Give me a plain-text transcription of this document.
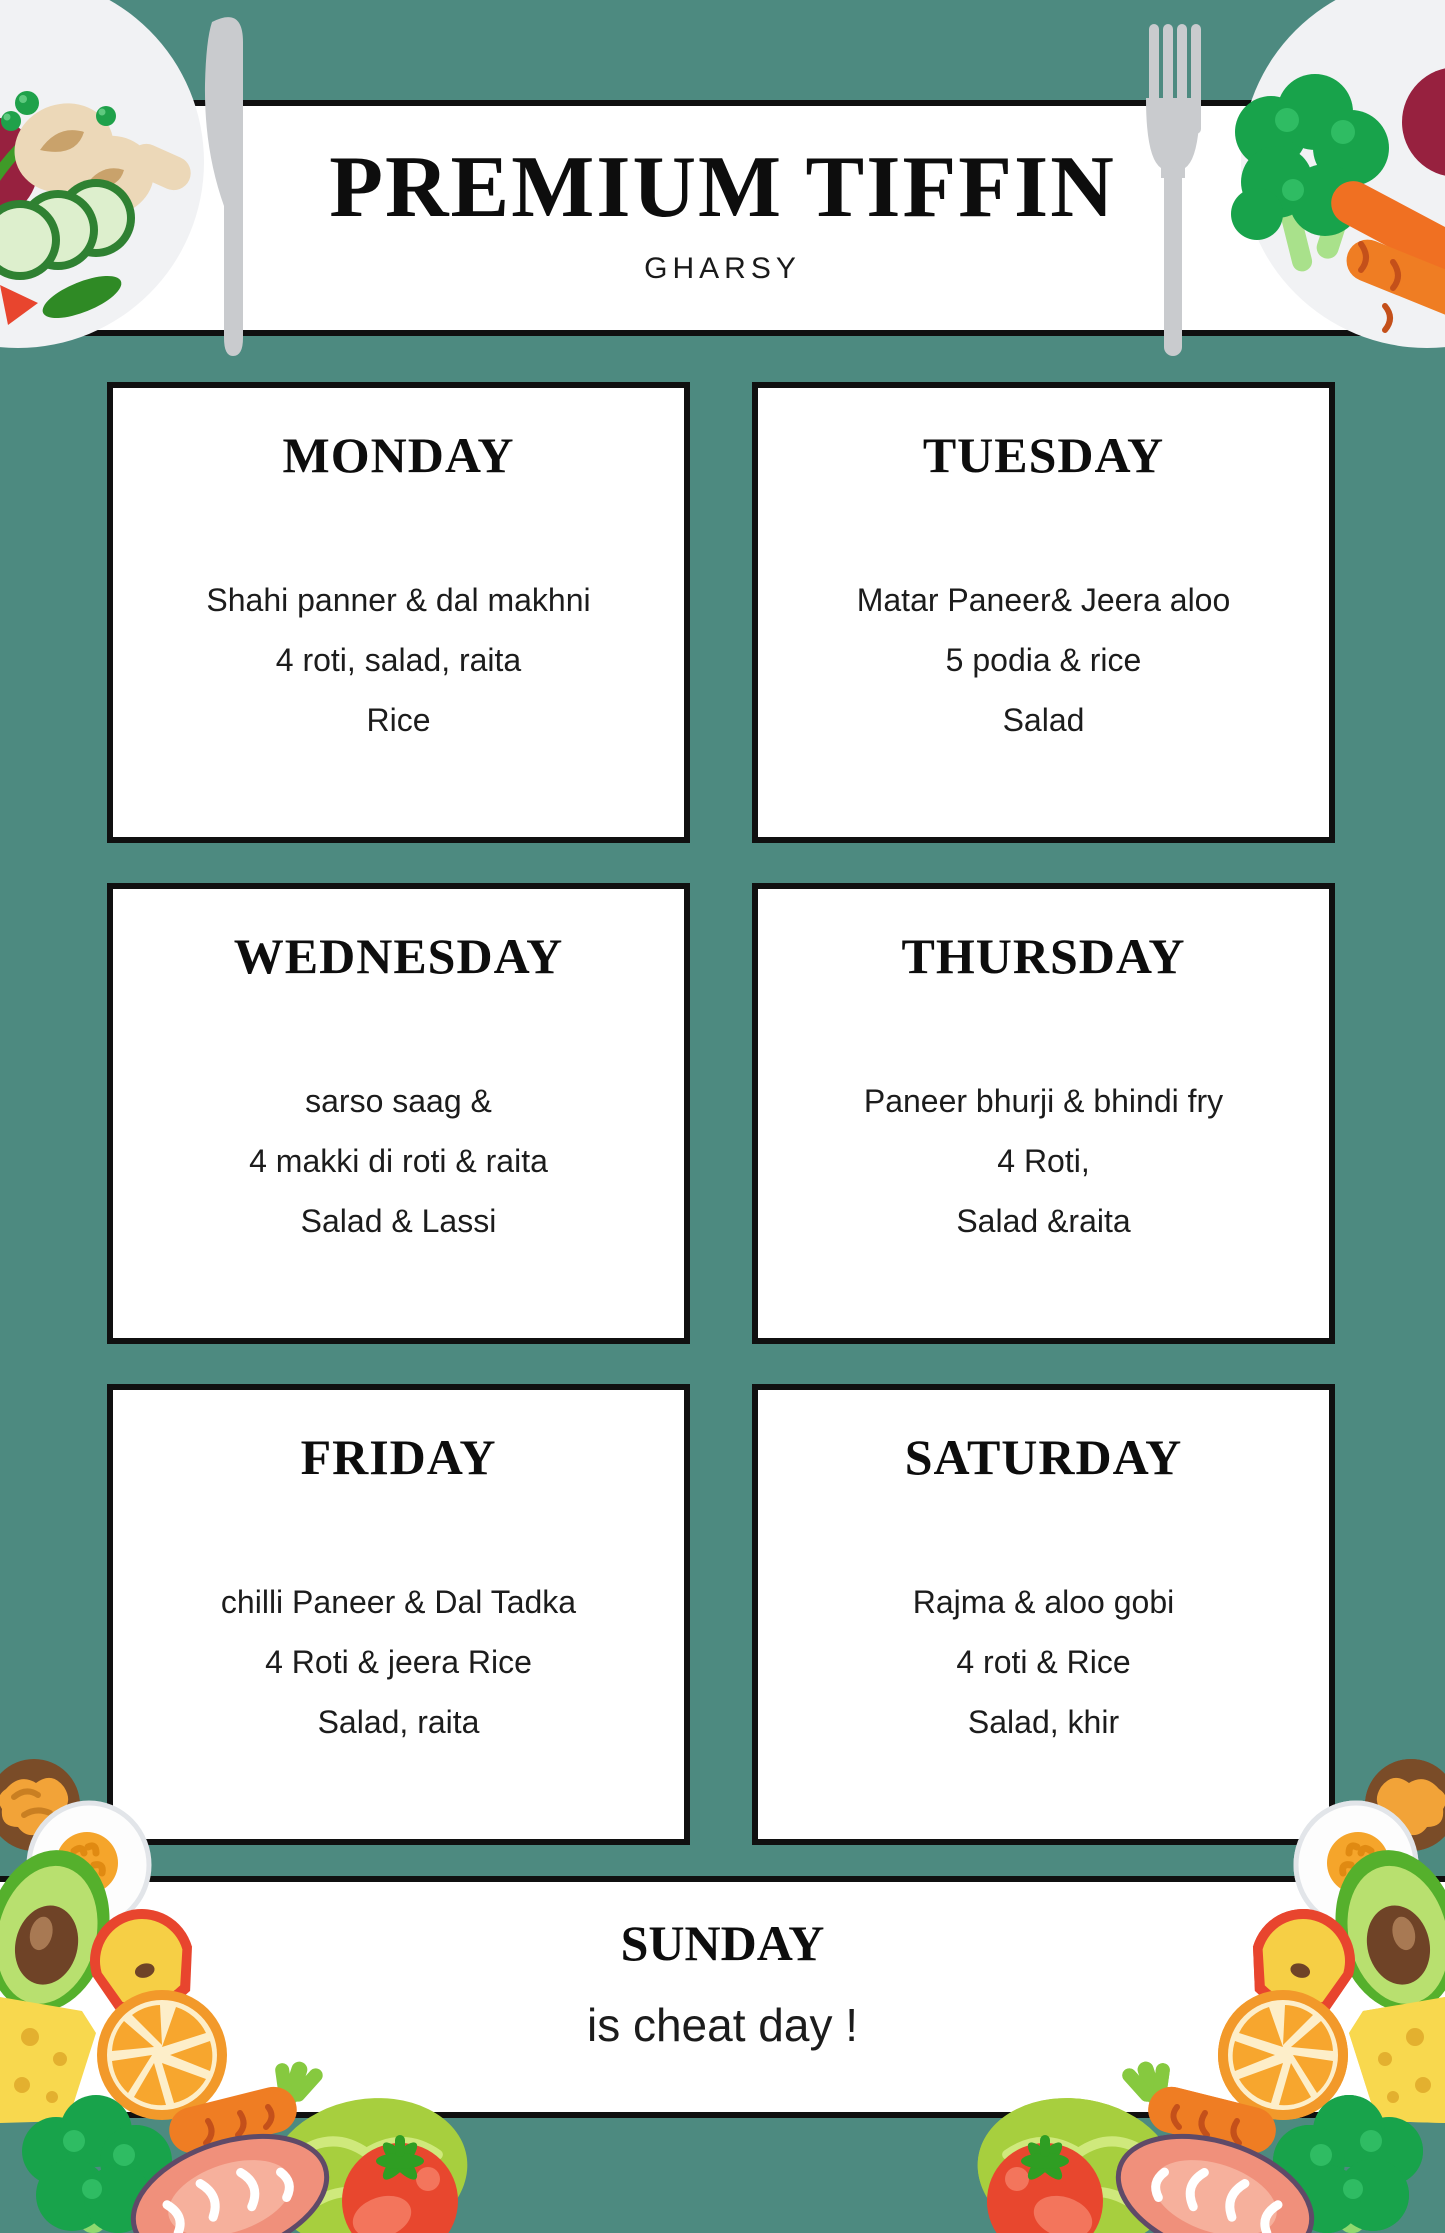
PREMIUM TIFFIN
GHARSY
MONDAY
Shahi panner & dal makhni
4 roti, salad, raita
Rice
TUESDAY
Matar Paneer& Jeera aloo
5 podia & rice
Salad
WEDNESDAY
sarso saag &
4 makki di roti & raita
Salad & Lassi
THURSDAY
Paneer bhurji & bhindi fry
4 Roti,
Salad &raita
FRIDAY
chilli Paneer & Dal Tadka
4 Roti & jeera Rice
Salad, raita
SATURDAY
Rajma & aloo gobi
4 roti & Rice
Salad, khir
SUNDAY
is cheat day !
